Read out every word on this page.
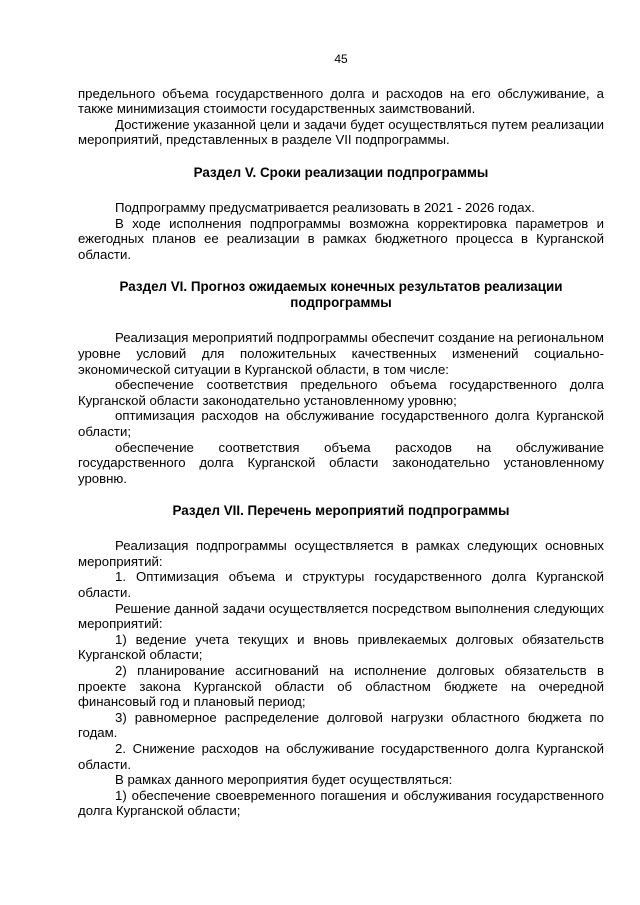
45

предельного объема государственного долга и расходов на его обслуживание, а также минимизация стоимости государственных заимствований.

Достижение указанной цели и задачи будет осуществляться путем реализации мероприятий, представленных в разделе VII подпрограммы.

Раздел V. Сроки реализации подпрограммы

Подпрограмму предусматривается реализовать в 2021 - 2026 годах.

В ходе исполнения подпрограммы возможна корректировка параметров и ежегодных планов ее реализации в рамках бюджетного процесса в Курганской области.

Раздел VI. Прогноз ожидаемых конечных результатов реализации подпрограммы

Реализация мероприятий подпрограммы обеспечит создание на региональном уровне условий для положительных качественных изменений социально-экономической ситуации в Курганской области, в том числе:

обеспечение соответствия предельного объема государственного долга Курганской области законодательно установленному уровню;

оптимизация расходов на обслуживание государственного долга Курганской области;

обеспечение соответствия объема расходов на обслуживание государственного долга Курганской области законодательно установленному уровню.

Раздел VII. Перечень мероприятий подпрограммы

Реализация подпрограммы осуществляется в рамках следующих основных мероприятий:

1. Оптимизация объема и структуры государственного долга Курганской области.

Решение данной задачи осуществляется посредством выполнения следующих мероприятий:

1) ведение учета текущих и вновь привлекаемых долговых обязательств Курганской области;

2) планирование ассигнований на исполнение долговых обязательств в проекте закона Курганской области об областном бюджете на очередной финансовый год и плановый период;

3) равномерное распределение долговой нагрузки областного бюджета по годам.

2. Снижение расходов на обслуживание государственного долга Курганской области.

В рамках данного мероприятия будет осуществляться:

1) обеспечение своевременного погашения и обслуживания государственного долга Курганской области;
